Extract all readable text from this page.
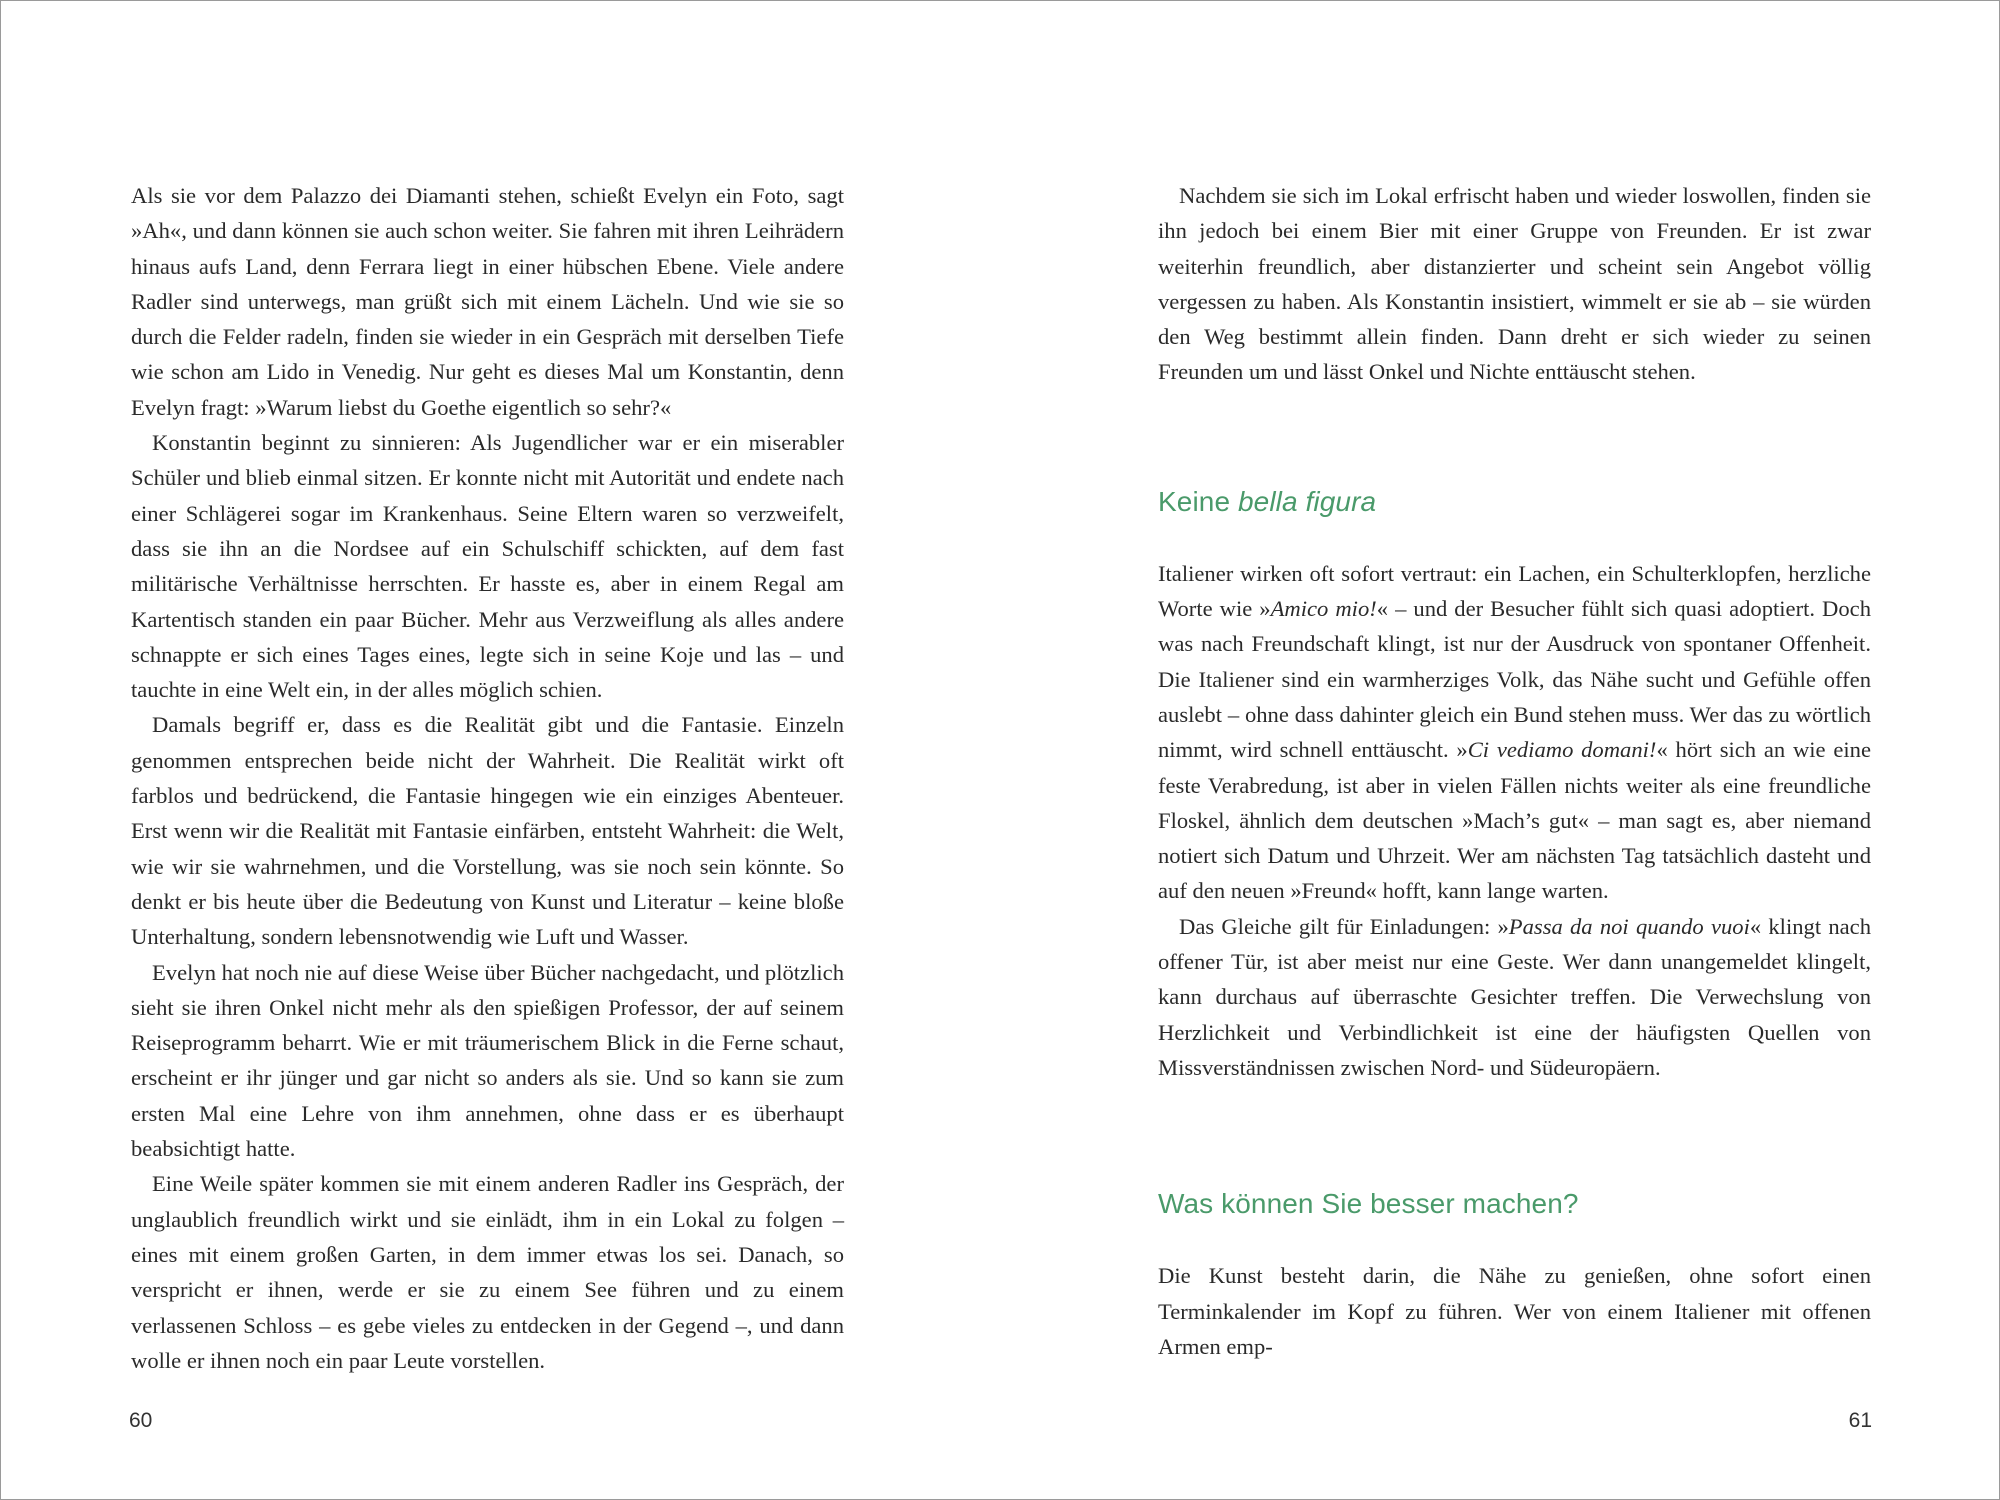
Als sie vor dem Palazzo dei Diamanti stehen, schießt Evelyn ein Foto, sagt »Ah«, und dann können sie auch schon weiter. Sie fahren mit ihren Leihrädern hinaus aufs Land, denn Ferrara liegt in einer hübschen Ebene. Viele andere Radler sind unterwegs, man grüßt sich mit einem Lächeln. Und wie sie so durch die Felder radeln, finden sie wieder in ein Gespräch mit derselben Tiefe wie schon am Lido in Venedig. Nur geht es dieses Mal um Konstantin, denn Evelyn fragt: »Warum liebst du Goethe eigentlich so sehr?«

Konstantin beginnt zu sinnieren: Als Jugendlicher war er ein miserabler Schüler und blieb einmal sitzen. Er konnte nicht mit Autorität und endete nach einer Schlägerei sogar im Krankenhaus. Seine Eltern waren so verzweifelt, dass sie ihn an die Nordsee auf ein Schulschiff schickten, auf dem fast militärische Verhältnisse herrschten. Er hasste es, aber in einem Regal am Kartentisch standen ein paar Bücher. Mehr aus Verzweiflung als alles andere schnappte er sich eines Tages eines, legte sich in seine Koje und las – und tauchte in eine Welt ein, in der alles möglich schien.

Damals begriff er, dass es die Realität gibt und die Fantasie. Einzeln genommen entsprechen beide nicht der Wahrheit. Die Realität wirkt oft farblos und bedrückend, die Fantasie hingegen wie ein einziges Abenteuer. Erst wenn wir die Realität mit Fantasie einfärben, entsteht Wahrheit: die Welt, wie wir sie wahrnehmen, und die Vorstellung, was sie noch sein könnte. So denkt er bis heute über die Bedeutung von Kunst und Literatur – keine bloße Unterhaltung, sondern lebensnotwendig wie Luft und Wasser.

Evelyn hat noch nie auf diese Weise über Bücher nachgedacht, und plötzlich sieht sie ihren Onkel nicht mehr als den spießigen Professor, der auf seinem Reiseprogramm beharrt. Wie er mit träumerischem Blick in die Ferne schaut, erscheint er ihr jünger und gar nicht so anders als sie. Und so kann sie zum ersten Mal eine Lehre von ihm annehmen, ohne dass er es überhaupt beabsichtigt hatte.

Eine Weile später kommen sie mit einem anderen Radler ins Gespräch, der unglaublich freundlich wirkt und sie einlädt, ihm in ein Lokal zu folgen – eines mit einem großen Garten, in dem immer etwas los sei. Danach, so verspricht er ihnen, werde er sie zu einem See führen und zu einem verlassenen Schloss – es gebe vieles zu entdecken in der Gegend –, und dann wolle er ihnen noch ein paar Leute vorstellen.

60

Nachdem sie sich im Lokal erfrischt haben und wieder loswollen, finden sie ihn jedoch bei einem Bier mit einer Gruppe von Freunden. Er ist zwar weiterhin freundlich, aber distanzierter und scheint sein Angebot völlig vergessen zu haben. Als Konstantin insistiert, wimmelt er sie ab – sie würden den Weg bestimmt allein finden. Dann dreht er sich wieder zu seinen Freunden um und lässt Onkel und Nichte enttäuscht stehen.

Keine bella figura

Italiener wirken oft sofort vertraut: ein Lachen, ein Schulterklopfen, herzliche Worte wie »Amico mio!« – und der Besucher fühlt sich quasi adoptiert. Doch was nach Freundschaft klingt, ist nur der Ausdruck von spontaner Offenheit. Die Italiener sind ein warmherziges Volk, das Nähe sucht und Gefühle offen auslebt – ohne dass dahinter gleich ein Bund stehen muss. Wer das zu wörtlich nimmt, wird schnell enttäuscht. »Ci vediamo domani!« hört sich an wie eine feste Verabredung, ist aber in vielen Fällen nichts weiter als eine freundliche Floskel, ähnlich dem deutschen »Mach’s gut« – man sagt es, aber niemand notiert sich Datum und Uhrzeit. Wer am nächsten Tag tatsächlich dasteht und auf den neuen »Freund« hofft, kann lange warten.

Das Gleiche gilt für Einladungen: »Passa da noi quando vuoi« klingt nach offener Tür, ist aber meist nur eine Geste. Wer dann unangemeldet klingelt, kann durchaus auf überraschte Gesichter treffen. Die Verwechslung von Herzlichkeit und Verbindlichkeit ist eine der häufigsten Quellen von Missverständnissen zwischen Nord- und Südeuropäern.

Was können Sie besser machen?

Die Kunst besteht darin, die Nähe zu genießen, ohne sofort einen Terminkalender im Kopf zu führen. Wer von einem Italiener mit offenen Armen emp-

61
